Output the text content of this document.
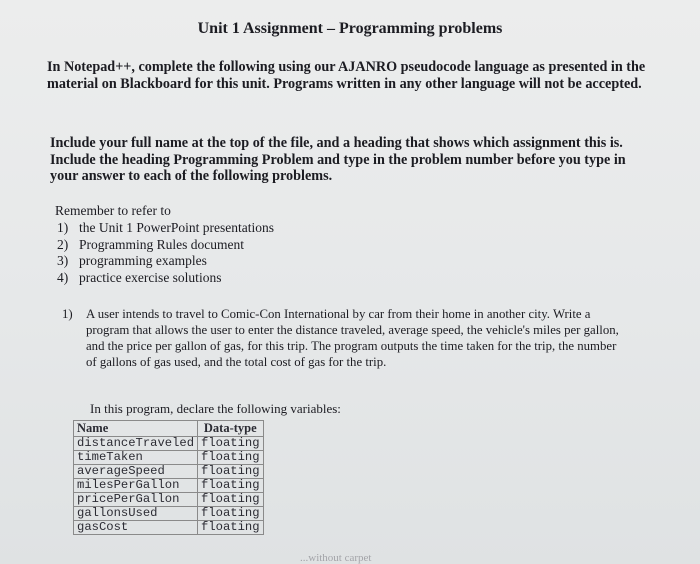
Unit 1 Assignment – Programming problems
In Notepad++, complete the following using our AJANRO pseudocode language as presented in the material on Blackboard for this unit. Programs written in any other language will not be accepted.
Include your full name at the top of the file, and a heading that shows which assignment this is. Include the heading Programming Problem and type in the problem number before you type in your answer to each of the following problems.
Remember to refer to
1) the Unit 1 PowerPoint presentations
2) Programming Rules document
3) programming examples
4) practice exercise solutions
1) A user intends to travel to Comic-Con International by car from their home in another city. Write a program that allows the user to enter the distance traveled, average speed, the vehicle's miles per gallon, and the price per gallon of gas, for this trip. The program outputs the time taken for the trip, the number of gallons of gas used, and the total cost of gas for the trip.
In this program, declare the following variables:
Name	Data-type
distanceTraveled	floating
timeTaken	floating
averageSpeed	floating
milesPerGallon	floating
pricePerGallon	floating
gallonsUsed	floating
gasCost	floating
...without carpet
